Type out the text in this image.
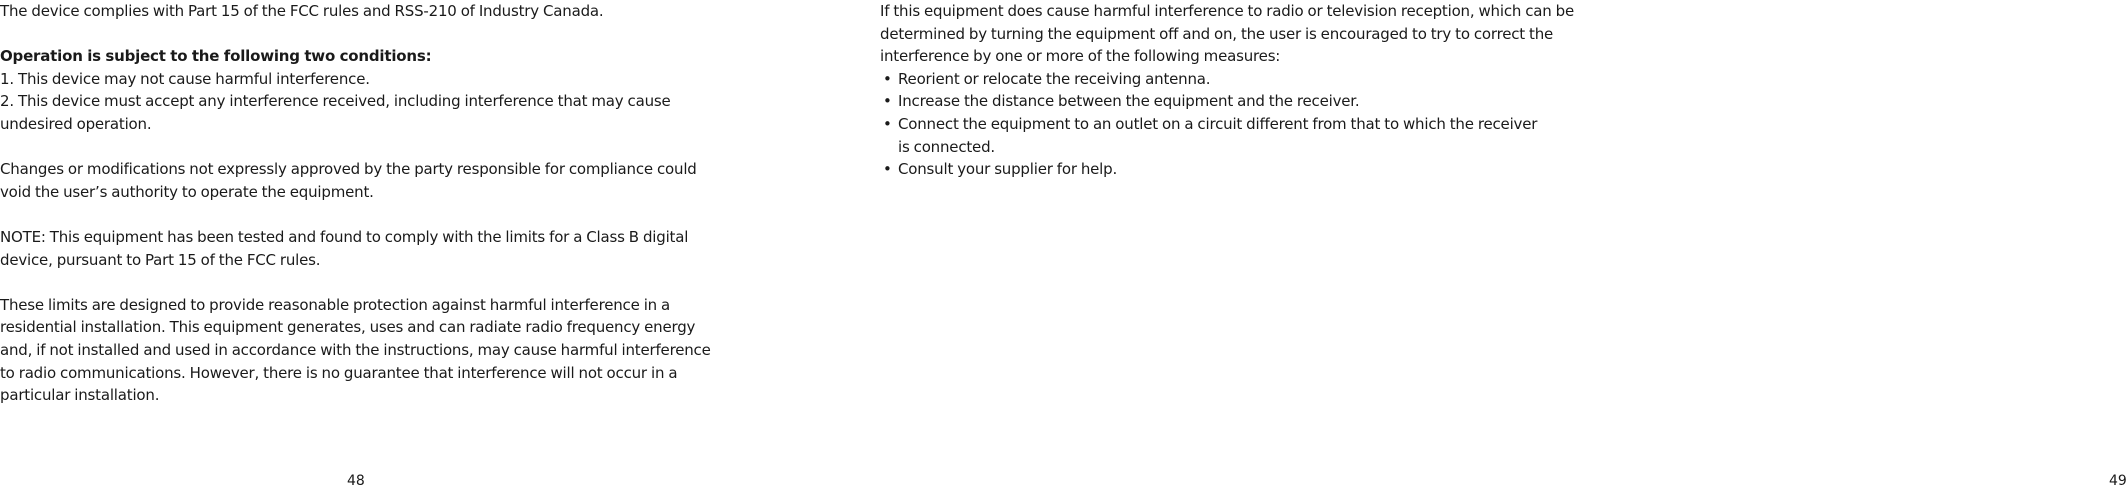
The device complies with Part 15 of the FCC rules and RSS-210 of Industry Canada.

Operation is subject to the following two conditions:

1. This device may not cause harmful interference.

2. This device must accept any interference received, including interference that may cause undesired operation.

Changes or modifications not expressly approved by the party responsible for compliance could void the user’s authority to operate the equipment.

NOTE: This equipment has been tested and found to comply with the limits for a Class B digital device, pursuant to Part 15 of the FCC rules.

These limits are designed to provide reasonable protection against harmful interference in a residential installation. This equipment generates, uses and can radiate radio frequency energy and, if not installed and used in accordance with the instructions, may cause harmful interference to radio communications. However, there is no guarantee that interference will not occur in a particular installation.

48

If this equipment does cause harmful interference to radio or television reception, which can be determined by turning the equipment off and on, the user is encouraged to try to correct the interference by one or more of the following measures:

• Reorient or relocate the receiving antenna.
• Increase the distance between the equipment and the receiver.
• Connect the equipment to an outlet on a circuit different from that to which the receiver is connected.
• Consult your supplier for help.
49
